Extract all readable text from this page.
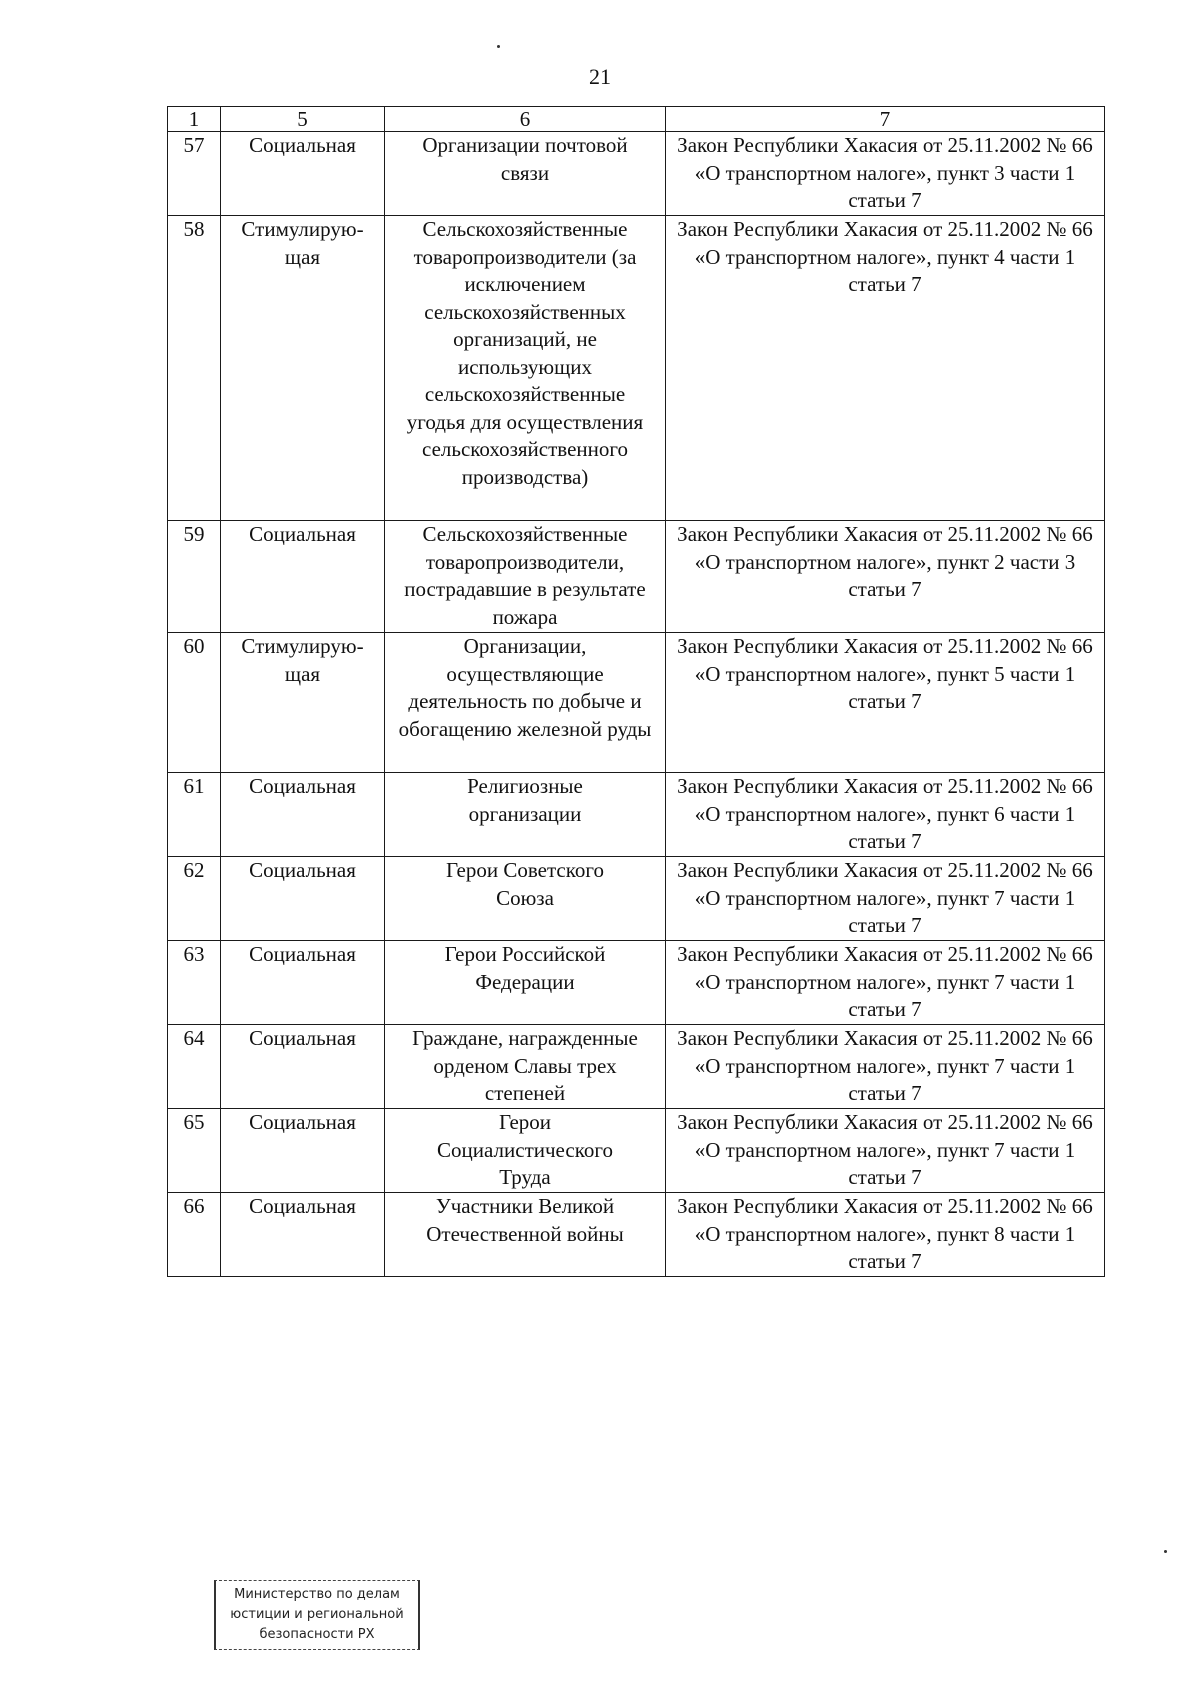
21
1	5	6	7
57	Социальная	Организации почтовой связи	Закон Республики Хакасия от 25.11.2002 № 66 «О транспортном налоге», пункт 3 части 1 статьи 7
58	Стимулирую-щая	Сельскохозяйственные товаропроизводители (за исключением сельскохозяйственных организаций, не использующих сельскохозяйственные угодья для осуществления сельскохозяйственного производства)	Закон Республики Хакасия от 25.11.2002 № 66 «О транспортном налоге», пункт 4 части 1 статьи 7
59	Социальная	Сельскохозяйственные товаропроизводители, пострадавшие в результате пожара	Закон Республики Хакасия от 25.11.2002 № 66 «О транспортном налоге», пункт 2 части 3 статьи 7
60	Стимулирую-щая	Организации, осуществляющие деятельность по добыче и обогащению железной руды	Закон Республики Хакасия от 25.11.2002 № 66 «О транспортном налоге», пункт 5 части 1 статьи 7
61	Социальная	Религиозные организации	Закон Республики Хакасия от 25.11.2002 № 66 «О транспортном налоге», пункт 6 части 1 статьи 7
62	Социальная	Герои Советского Союза	Закон Республики Хакасия от 25.11.2002 № 66 «О транспортном налоге», пункт 7 части 1 статьи 7
63	Социальная	Герои Российской Федерации	Закон Республики Хакасия от 25.11.2002 № 66 «О транспортном налоге», пункт 7 части 1 статьи 7
64	Социальная	Граждане, награжденные орденом Славы трех степеней	Закон Республики Хакасия от 25.11.2002 № 66 «О транспортном налоге», пункт 7 части 1 статьи 7
65	Социальная	Герои Социалистического Труда	Закон Республики Хакасия от 25.11.2002 № 66 «О транспортном налоге», пункт 7 части 1 статьи 7
66	Социальная	Участники Великой Отечественной войны	Закон Республики Хакасия от 25.11.2002 № 66 «О транспортном налоге», пункт 8 части 1 статьи 7
Министерство по делам
юстиции и региональной
безопасности РХ
